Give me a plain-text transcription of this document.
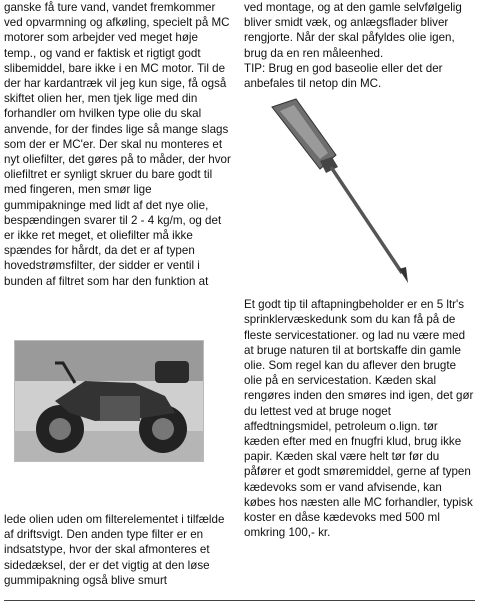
ganske få ture vand, vandet fremkommer ved opvarmning og afkøling, specielt på MC motorer som arbejder ved meget høje temp., og vand er faktisk et rigtigt godt slibemiddel, bare ikke i en MC motor. Til de der har kardantræk vil jeg kun sige, få også skiftet olien her, men tjek lige med din forhandler om hvilken type olie du skal anvende, for der findes lige så mange slags som der er MC'er. Der skal nu monteres et nyt oliefilter, det gøres på to måder, der hvor oliefiltret er synligt skruer du bare godt til med fingeren, men smør lige gummipakninge med lidt af det nye olie, bespændingen svarer til 2 - 4 kg/m, og det er ikke ret meget, et oliefilter må ikke spændes for hårdt, da det er af typen hovedstrømsfilter, der sidder er ventil i bunden af filtret som har den funktion at

lede olien uden om filterelementet i tilfælde af driftsvigt. Den anden type filter er en indsatstype, hvor der skal afmonteres et sidedæksel, der er det vigtig at den løse gummipakning også blive smurt

ved montage, og at den gamle selvfølgelig bliver smidt væk, og anlægsflader bliver rengjorte. Når der skal påfyldes olie igen, brug da en ren måleenhed.

TIP: Brug en god baseolie eller det der anbefales til netop din MC.

Et godt tip til aftapningbeholder er en 5 ltr's sprinklervæskedunk som du kan få på de fleste servicestationer. og lad nu være med at bruge naturen til at bortskaffe din gamle olie. Som regel kan du aflever den brugte olie på en servicestation. Kæden skal rengøres inden den smøres ind igen, det gør du lettest ved at bruge noget affedtningsmidel, petroleum o.lign. tør kæden efter med en fnugfri klud, brug ikke papir. Kæden skal være helt tør før du påfører et godt smøremiddel, gerne af typen kædevoks som er vand afvisende, kan købes hos næsten alle MC forhandler, typisk koster en dåse kædevoks med 500 ml omkring 100,- kr.
